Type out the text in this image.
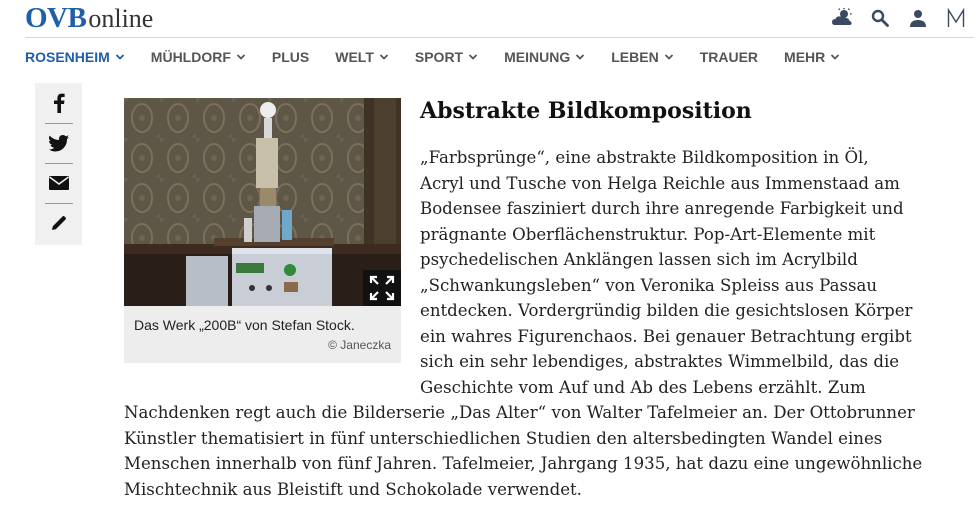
OVB online
ROSENHEIM	MÜHLDORF	PLUS WELT	SPORT	MEINUNG	LEBEN	TRAUER MEHR
Das Werk „200B“ von Stefan Stock.
© Janeczka
Abstrakte Bildkomposition
„Farbsprünge“, eine abstrakte Bildkomposition in Öl,
Acryl und Tusche von Helga Reichle aus Immenstaad am
Bodensee fasziniert durch ihre anregende Farbigkeit und
prägnante Oberflächenstruktur. Pop-Art-Elemente mit
psychedelischen Anklängen lassen sich im Acrylbild
„Schwankungsleben“ von Veronika Spleiss aus Passau
entdecken. Vordergründig bilden die gesichtslosen Körper
ein wahres Figurenchaos. Bei genauer Betrachtung ergibt
sich ein sehr lebendiges, abstraktes Wimmelbild, das die
Geschichte vom Auf und Ab des Lebens erzählt. Zum
Nachdenken regt auch die Bilderserie „Das Alter“ von Walter Tafelmeier an. Der Ottobrunner
Künstler thematisiert in fünf unterschiedlichen Studien den altersbedingten Wandel eines
Menschen innerhalb von fünf Jahren. Tafelmeier, Jahrgang 1935, hat dazu eine ungewöhnliche
Mischtechnik aus Bleistift und Schokolade verwendet.
